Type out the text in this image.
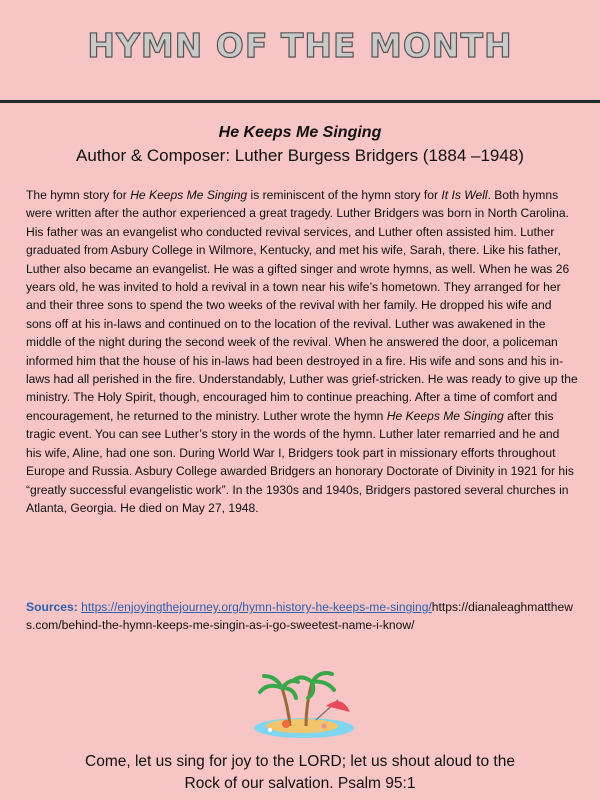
HYMN OF THE MONTH
He Keeps Me Singing
Author & Composer: Luther Burgess Bridgers (1884 –1948)

The hymn story for He Keeps Me Singing is reminiscent of the hymn story for It Is Well. Both hymns were written after the author experienced a great tragedy. Luther Bridgers was born in North Carolina. His father was an evangelist who conducted revival services, and Luther often assisted him. Luther graduated from Asbury College in Wilmore, Kentucky, and met his wife, Sarah, there. Like his father, Luther also became an evangelist. He was a gifted singer and wrote hymns, as well. When he was 26 years old, he was invited to hold a revival in a town near his wife’s hometown. They arranged for her and their three sons to spend the two weeks of the revival with her family. He dropped his wife and sons off at his in-laws and continued on to the location of the revival. Luther was awakened in the middle of the night during the second week of the revival. When he answered the door, a policeman informed him that the house of his in-laws had been destroyed in a fire. His wife and sons and his in-laws had all perished in the fire. Understandably, Luther was grief-stricken. He was ready to give up the ministry. The Holy Spirit, though, encouraged him to continue preaching. After a time of comfort and encouragement, he returned to the ministry. Luther wrote the hymn He Keeps Me Singing after this tragic event. You can see Luther’s story in the words of the hymn. Luther later remarried and he and his wife, Aline, had one son. During World War I, Bridgers took part in missionary efforts throughout Europe and Russia. Asbury College awarded Bridgers an honorary Doctorate of Divinity in 1921 for his “greatly successful evangelistic work”. In the 1930s and 1940s, Bridgers pastored several churches in Atlanta, Georgia. He died on May 27, 1948.

Sources: https://enjoyingthejourney.org/hymn-history-he-keeps-me-singing/https://dianaleaghmatthews.com/behind-the-hymn-keeps-me-singin-as-i-go-sweetest-name-i-know/

Come, let us sing for joy to the LORD; let us shout aloud to the
Rock of our salvation. Psalm 95:1
